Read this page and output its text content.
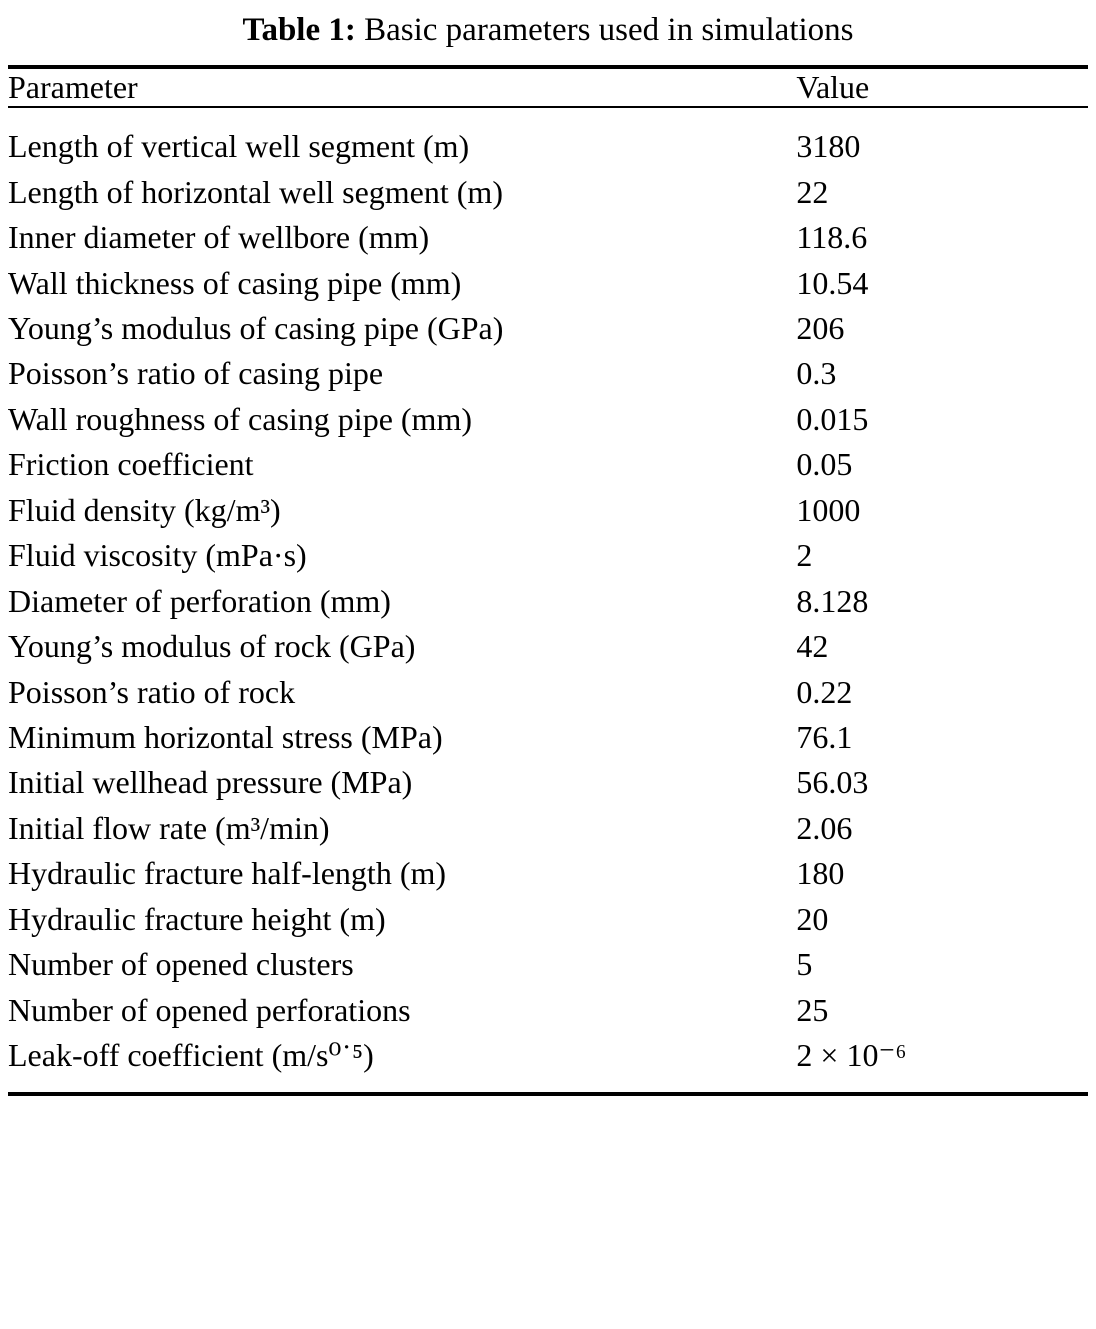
Table 1: Basic parameters used in simulations
Parameter	Value
Length of vertical well segment (m)	3180
Length of horizontal well segment (m)	22
Inner diameter of wellbore (mm)	118.6
Wall thickness of casing pipe (mm)	10.54
Young’s modulus of casing pipe (GPa)	206
Poisson’s ratio of casing pipe	0.3
Wall roughness of casing pipe (mm)	0.015
Friction coefficient	0.05
Fluid density (kg/m³)	1000
Fluid viscosity (mPa·s)	2
Diameter of perforation (mm)	8.128
Young’s modulus of rock (GPa)	42
Poisson’s ratio of rock	0.22
Minimum horizontal stress (MPa)	76.1
Initial wellhead pressure (MPa)	56.03
Initial flow rate (m³/min)	2.06
Hydraulic fracture half-length (m)	180
Hydraulic fracture height (m)	20
Number of opened clusters	5
Number of opened perforations	25
Leak-off coefficient (m/s⁰˙⁵)	2 × 10⁻⁶
